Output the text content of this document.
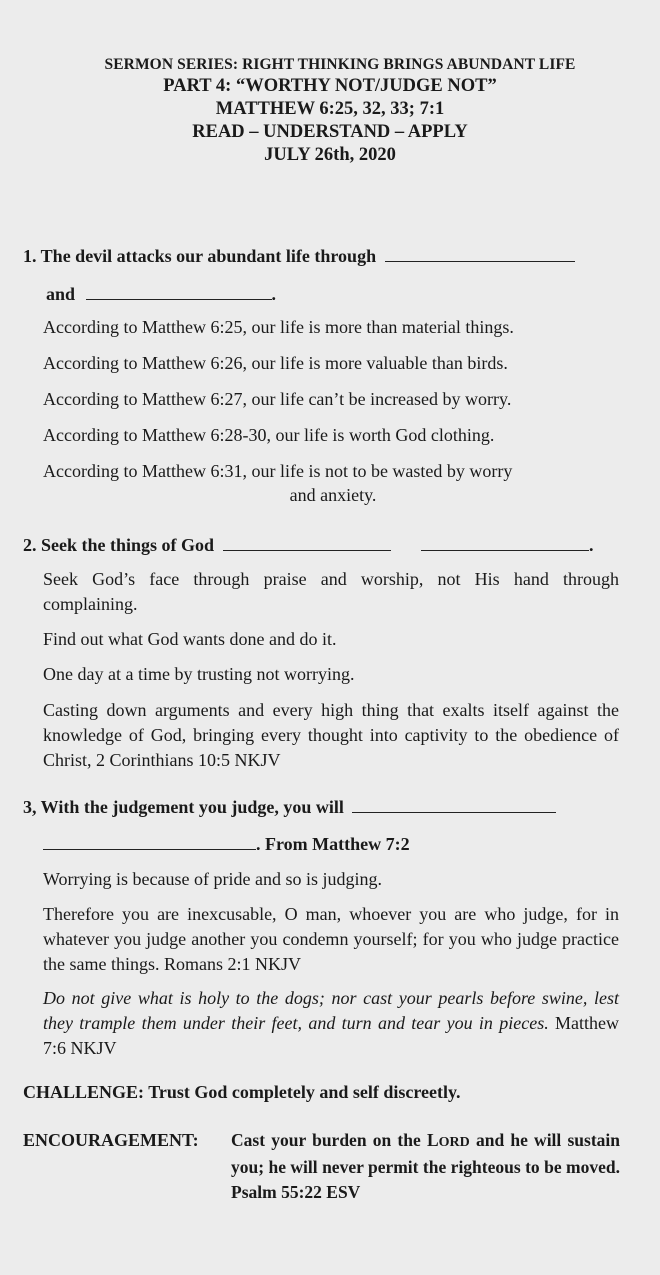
SERMON SERIES: RIGHT THINKING BRINGS ABUNDANT LIFE
PART 4: “WORTHY NOT/JUDGE NOT”
MATTHEW 6:25, 32, 33; 7:1
READ – UNDERSTAND – APPLY
JULY 26th, 2020
1. The devil attacks our abundant life through
and	.
According to Matthew 6:25, our life is more than material things.
According to Matthew 6:26, our life is more valuable than birds.
According to Matthew 6:27, our life can’t be increased by worry.
According to Matthew 6:28-30, our life is worth God clothing.
According to Matthew 6:31, our life is not to be wasted by worry
and anxiety.
2. Seek the things of God	.
Seek God’s face through praise and worship, not His hand through complaining.
Find out what God wants done and do it.
One day at a time by trusting not worrying.
Casting down arguments and every high thing that exalts itself against the knowledge of God, bringing every thought into captivity to the obedience of Christ, 2 Corinthians 10:5 NKJV
3, With the judgement you judge, you will
. From Matthew 7:2
Worrying is because of pride and so is judging.
Therefore you are inexcusable, O man, whoever you are who judge, for in whatever you judge another you condemn yourself; for you who judge practice the same things. Romans 2:1 NKJV
Do not give what is holy to the dogs; nor cast your pearls before swine, lest they trample them under their feet, and turn and tear you in pieces. Matthew 7:6 NKJV
CHALLENGE: Trust God completely and self discreetly.
ENCOURAGEMENT: Cast your burden on the LORD and he will sustain you; he will never permit the righteous to be moved. Psalm 55:22 ESV
